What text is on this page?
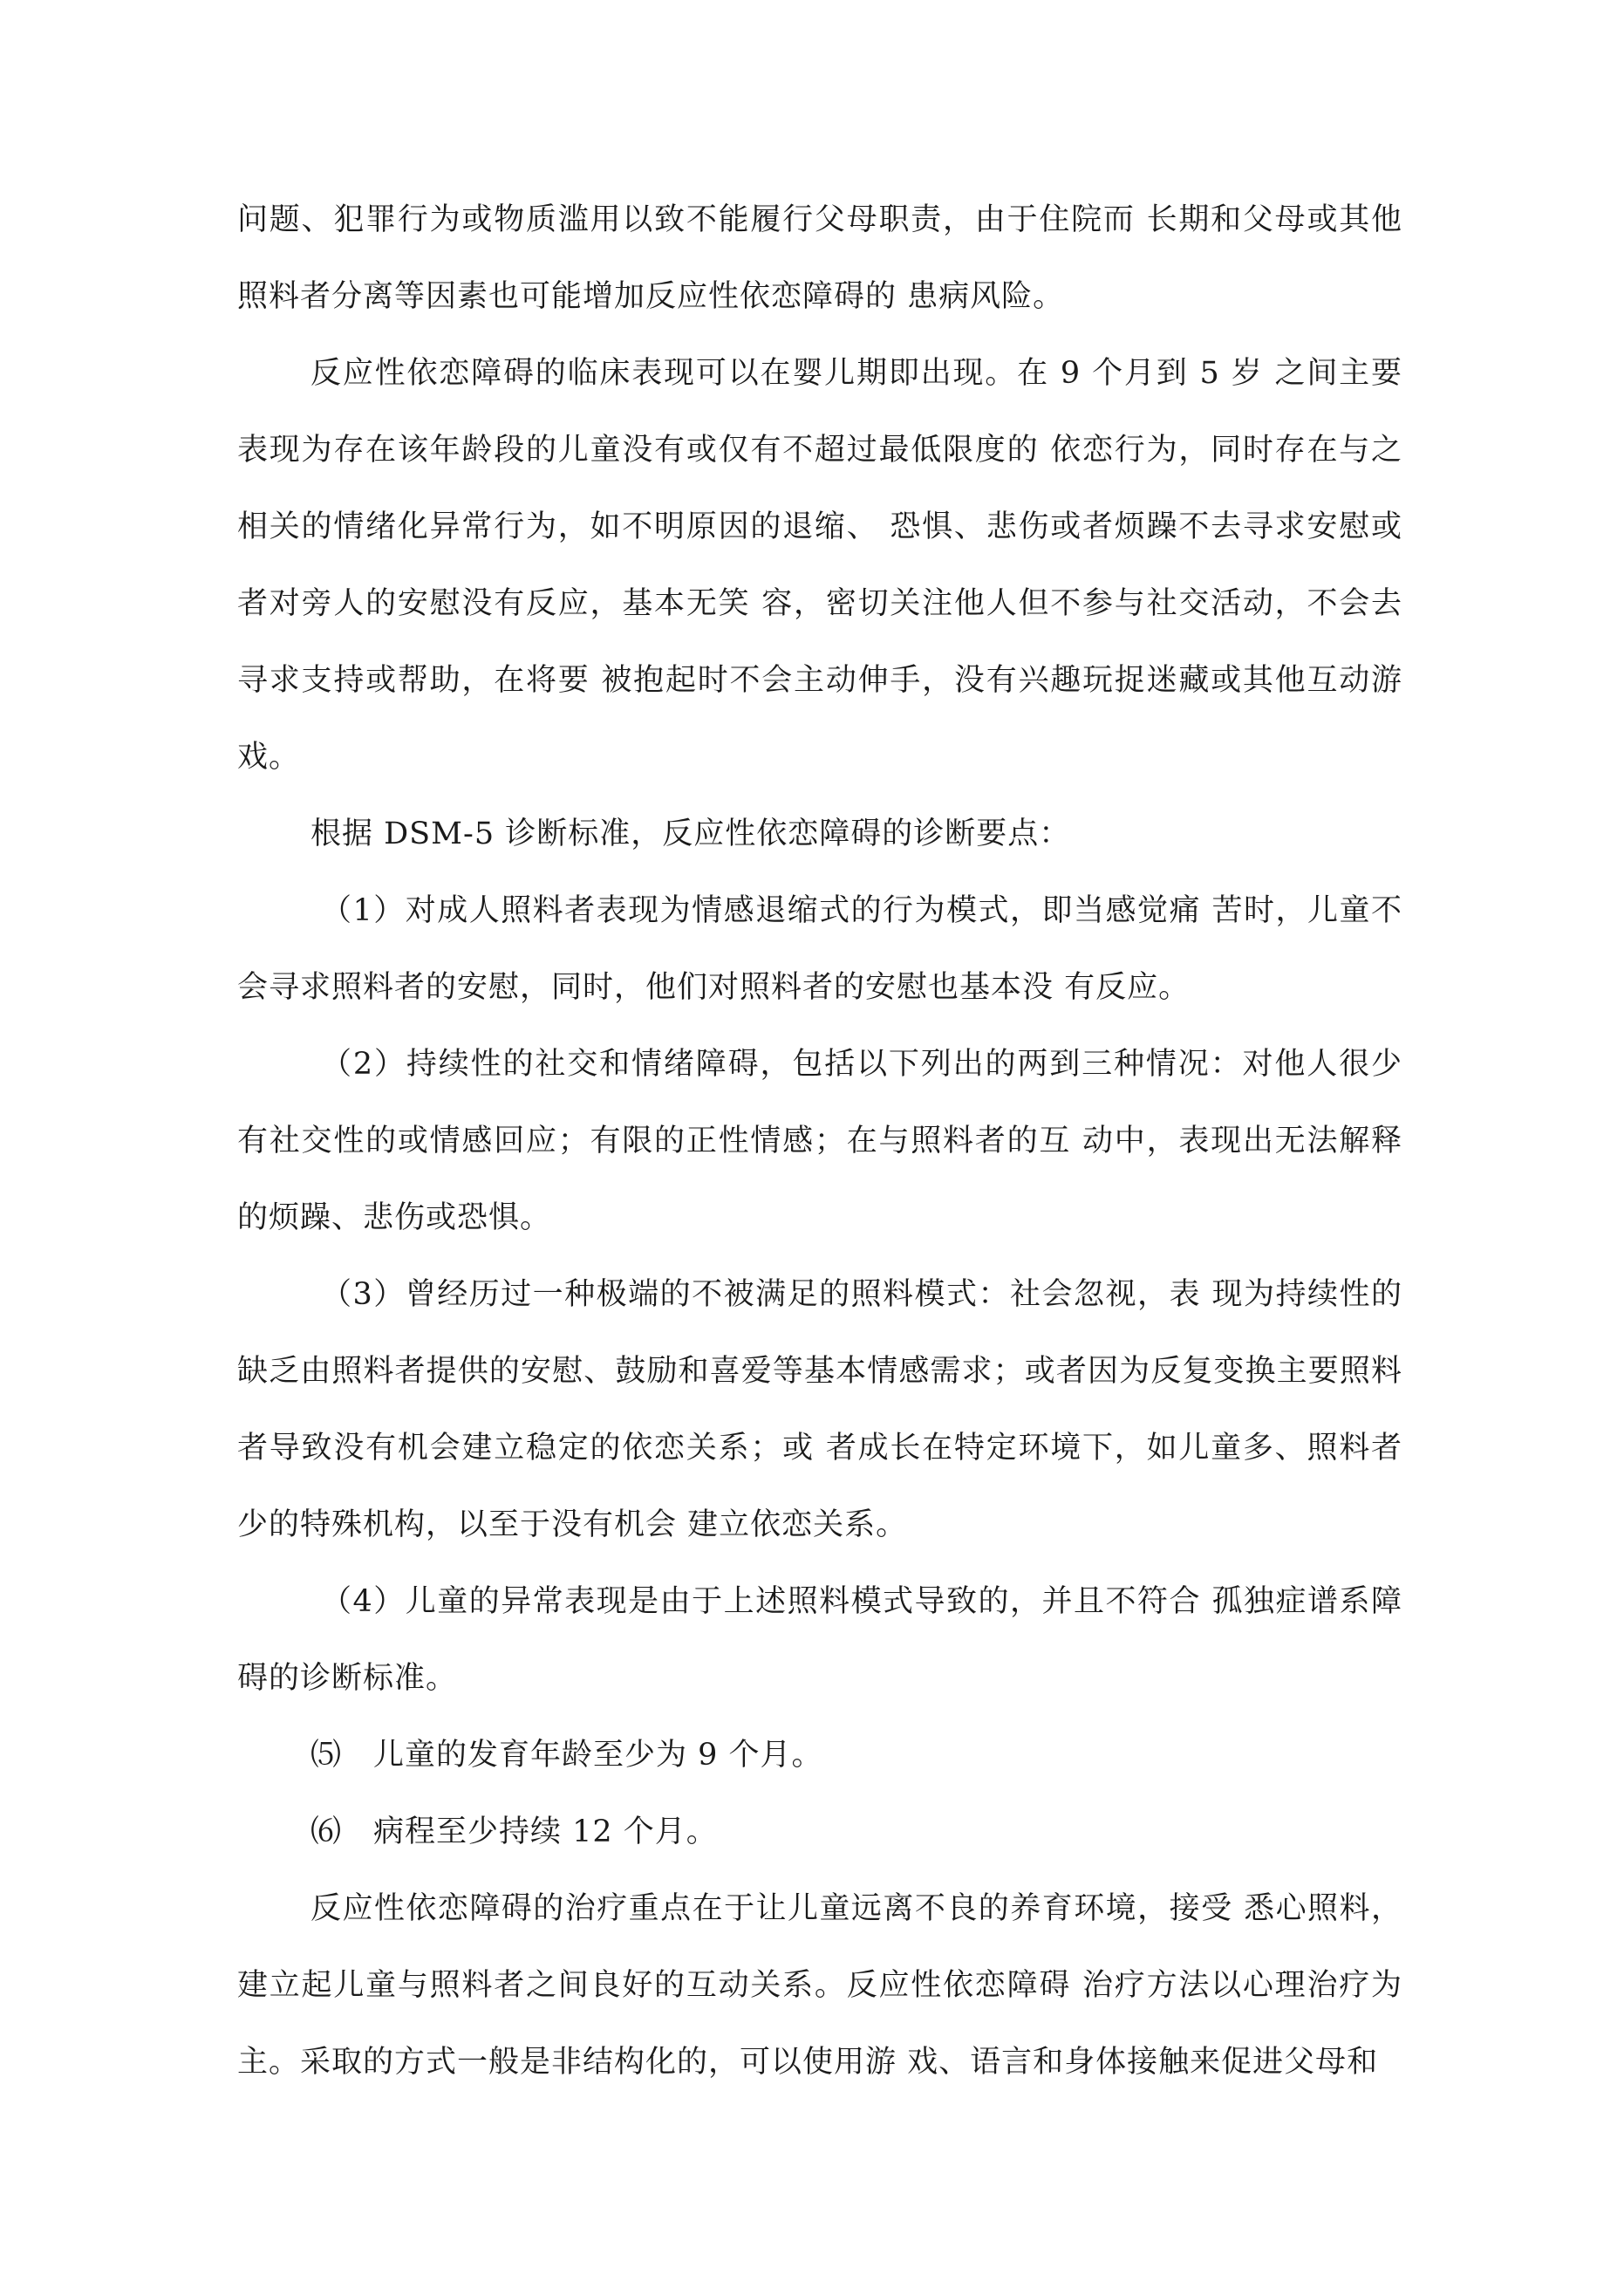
问题、犯罪行为或物质滥用以致不能履行父母职责，由于住院而 长期和父母或其他照料者分离等因素也可能增加反应性依恋障碍的 患病风险。

反应性依恋障碍的临床表现可以在婴儿期即出现。在 9 个月到 5 岁 之间主要表现为存在该年龄段的儿童没有或仅有不超过最低限度的 依恋行为，同时存在与之相关的情绪化异常行为，如不明原因的退缩、 恐惧、悲伤或者烦躁不去寻求安慰或者对旁人的安慰没有反应，基本无笑 容，密切关注他人但不参与社交活动，不会去寻求支持或帮助，在将要 被抱起时不会主动伸手，没有兴趣玩捉迷藏或其他互动游戏。

根据 DSM-5 诊断标准，反应性依恋障碍的诊断要点：

（1）对成人照料者表现为情感退缩式的行为模式，即当感觉痛 苦时，儿童不会寻求照料者的安慰，同时，他们对照料者的安慰也基本没 有反应。

（2）持续性的社交和情绪障碍，包括以下列出的两到三种情况：对他人很少有社交性的或情感回应；有限的正性情感；在与照料者的互 动中，表现出无法解释的烦躁、悲伤或恐惧。

（3）曾经历过一种极端的不被满足的照料模式：社会忽视，表 现为持续性的缺乏由照料者提供的安慰、鼓励和喜爱等基本情感需求；或者因为反复变换主要照料者导致没有机会建立稳定的依恋关系；或 者成长在特定环境下，如儿童多、照料者少的特殊机构，以至于没有机会 建立依恋关系。

（4）儿童的异常表现是由于上述照料模式导致的，并且不符合 孤独症谱系障碍的诊断标准。

⑸　儿童的发育年龄至少为 9 个月。

⑹　病程至少持续 12 个月。

反应性依恋障碍的治疗重点在于让儿童远离不良的养育环境，接受 悉心照料，建立起儿童与照料者之间良好的互动关系。反应性依恋障碍 治疗方法以心理治疗为主。采取的方式一般是非结构化的，可以使用游 戏、语言和身体接触来促进父母和
